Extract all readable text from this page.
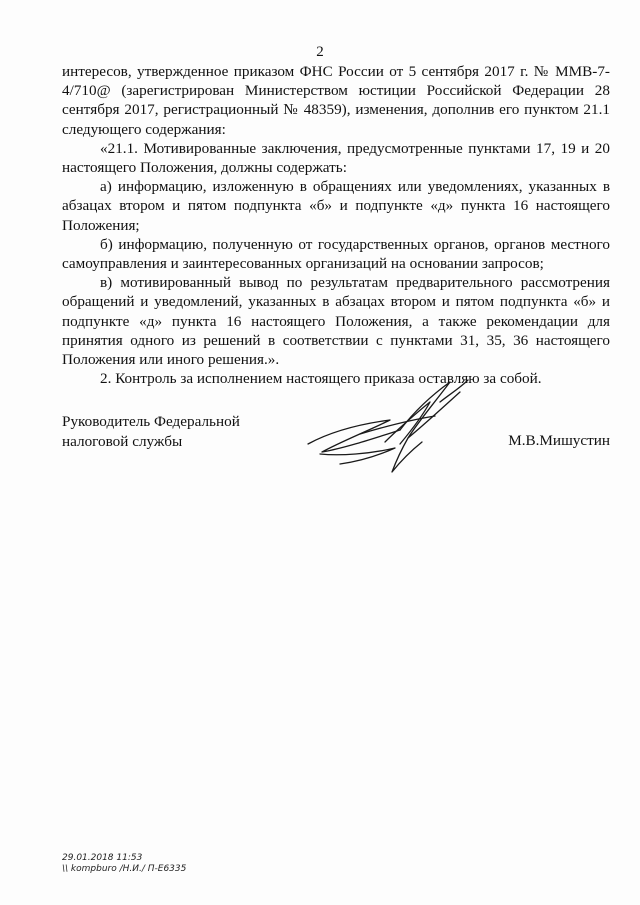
2

интересов, утвержденное приказом ФНС России от 5 сентября 2017 г. № ММВ-7-4/710@ (зарегистрирован Министерством юстиции Российской Федерации 28 сентября 2017, регистрационный № 48359), изменения, дополнив его пунктом 21.1 следующего содержания:

«21.1. Мотивированные заключения, предусмотренные пунктами 17, 19 и 20 настоящего Положения, должны содержать:

а) информацию, изложенную в обращениях или уведомлениях, указанных в абзацах втором и пятом подпункта «б» и подпункте «д» пункта 16 настоящего Положения;

б) информацию, полученную от государственных органов, органов местного самоуправления и заинтересованных организаций на основании запросов;

в) мотивированный вывод по результатам предварительного рассмотрения обращений и уведомлений, указанных в абзацах втором и пятом подпункта «б» и подпункте «д» пункта 16 настоящего Положения, а также рекомендации для принятия одного из решений в соответствии с пунктами 31, 35, 36 настоящего Положения или иного решения.».

2. Контроль за исполнением настоящего приказа оставляю за собой.

Руководитель Федеральной
налоговой службы	М.В.Мишустин
29.01.2018 11:53
\\ kompburo /Н.И./ П-Е6335
